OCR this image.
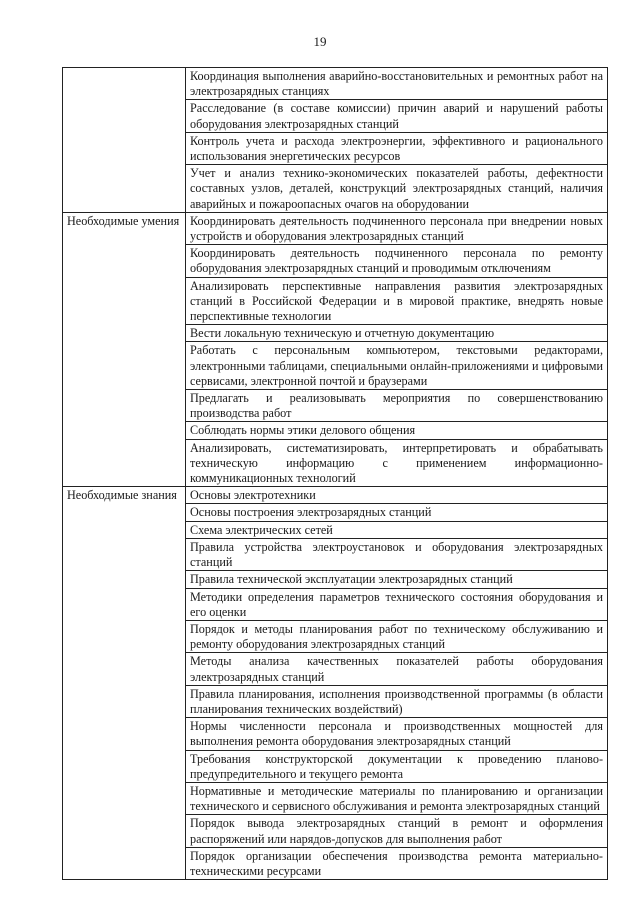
19
	Координация выполнения аварийно-восстановительных и ремонтных работ на электрозарядных станциях
	Расследование (в составе комиссии) причин аварий и нарушений работы оборудования электрозарядных станций
	Контроль учета и расхода электроэнергии, эффективного и рационального использования энергетических ресурсов
	Учет и анализ технико-экономических показателей работы, дефектности составных узлов, деталей, конструкций электрозарядных станций, наличия аварийных и пожароопасных очагов на оборудовании
Необходимые умения	Координировать деятельность подчиненного персонала при внедрении новых устройств и оборудования электрозарядных станций
	Координировать деятельность подчиненного персонала по ремонту оборудования электрозарядных станций и проводимым отключениям
	Анализировать перспективные направления развития электрозарядных станций в Российской Федерации и в мировой практике, внедрять новые перспективные технологии
	Вести локальную техническую и отчетную документацию
	Работать с персональным компьютером, текстовыми редакторами, электронными таблицами, специальными онлайн-приложениями и цифровыми сервисами, электронной почтой и браузерами
	Предлагать и реализовывать мероприятия по совершенствованию производства работ
	Соблюдать нормы этики делового общения
	Анализировать, систематизировать, интерпретировать и обрабатывать техническую информацию с применением информационно-коммуникационных технологий
Необходимые знания	Основы электротехники
	Основы построения электрозарядных станций
	Схема электрических сетей
	Правила устройства электроустановок и оборудования электрозарядных станций
	Правила технической эксплуатации электрозарядных станций
	Методики определения параметров технического состояния оборудования и его оценки
	Порядок и методы планирования работ по техническому обслуживанию и ремонту оборудования электрозарядных станций
	Методы анализа качественных показателей работы оборудования электрозарядных станций
	Правила планирования, исполнения производственной программы (в области планирования технических воздействий)
	Нормы численности персонала и производственных мощностей для выполнения ремонта оборудования электрозарядных станций
	Требования конструкторской документации к проведению планово-предупредительного и текущего ремонта
	Нормативные и методические материалы по планированию и организации технического и сервисного обслуживания и ремонта электрозарядных станций
	Порядок вывода электрозарядных станций в ремонт и оформления распоряжений или нарядов-допусков для выполнения работ
	Порядок организации обеспечения производства ремонта материально-техническими ресурсами
